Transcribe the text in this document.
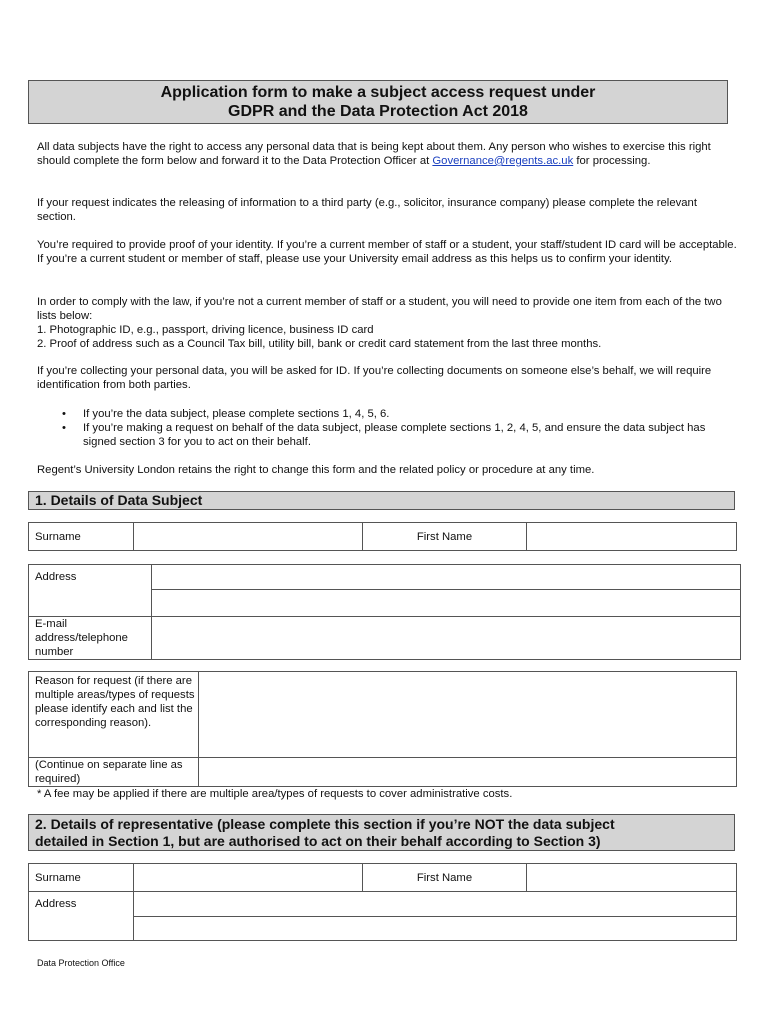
Application form to make a subject access request under
GDPR and the Data Protection Act 2018

All data subjects have the right to access any personal data that is being kept about them. Any person who wishes to exercise this right should complete the form below and forward it to the Data Protection Officer at Governance@regents.ac.uk for processing.

If your request indicates the releasing of information to a third party (e.g., solicitor, insurance company) please complete the relevant section.

You’re required to provide proof of your identity. If you’re a current member of staff or a student, your staff/student ID card will be acceptable. If you’re a current student or member of staff, please use your University email address as this helps us to confirm your identity.

In order to comply with the law, if you’re not a current member of staff or a student, you will need to provide one item from each of the two lists below:
1. Photographic ID, e.g., passport, driving licence, business ID card
2. Proof of address such as a Council Tax bill, utility bill, bank or credit card statement from the last three months.

If you’re collecting your personal data, you will be asked for ID. If you’re collecting documents on someone else’s behalf, we will require identification from both parties.

• If you’re the data subject, please complete sections 1, 4, 5, 6.
• If you’re making a request on behalf of the data subject, please complete sections 1, 2, 4, 5, and ensure the data subject has signed section 3 for you to act on their behalf.

Regent’s University London retains the right to change this form and the related policy or procedure at any time.

1. Details of Data Subject
Surname		First Name	
Address	

E-mail address/telephone number	
Reason for request (if there are multiple areas/types of requests please identify each and list the corresponding reason).	
(Continue on separate line as required)	
* A fee may be applied if there are multiple area/types of requests to cover administrative costs.
2. Details of representative (please complete this section if you’re NOT the data subject
detailed in Section 1, but are authorised to act on their behalf according to Section 3)
Surname		First Name	
Address	

Data Protection Office
